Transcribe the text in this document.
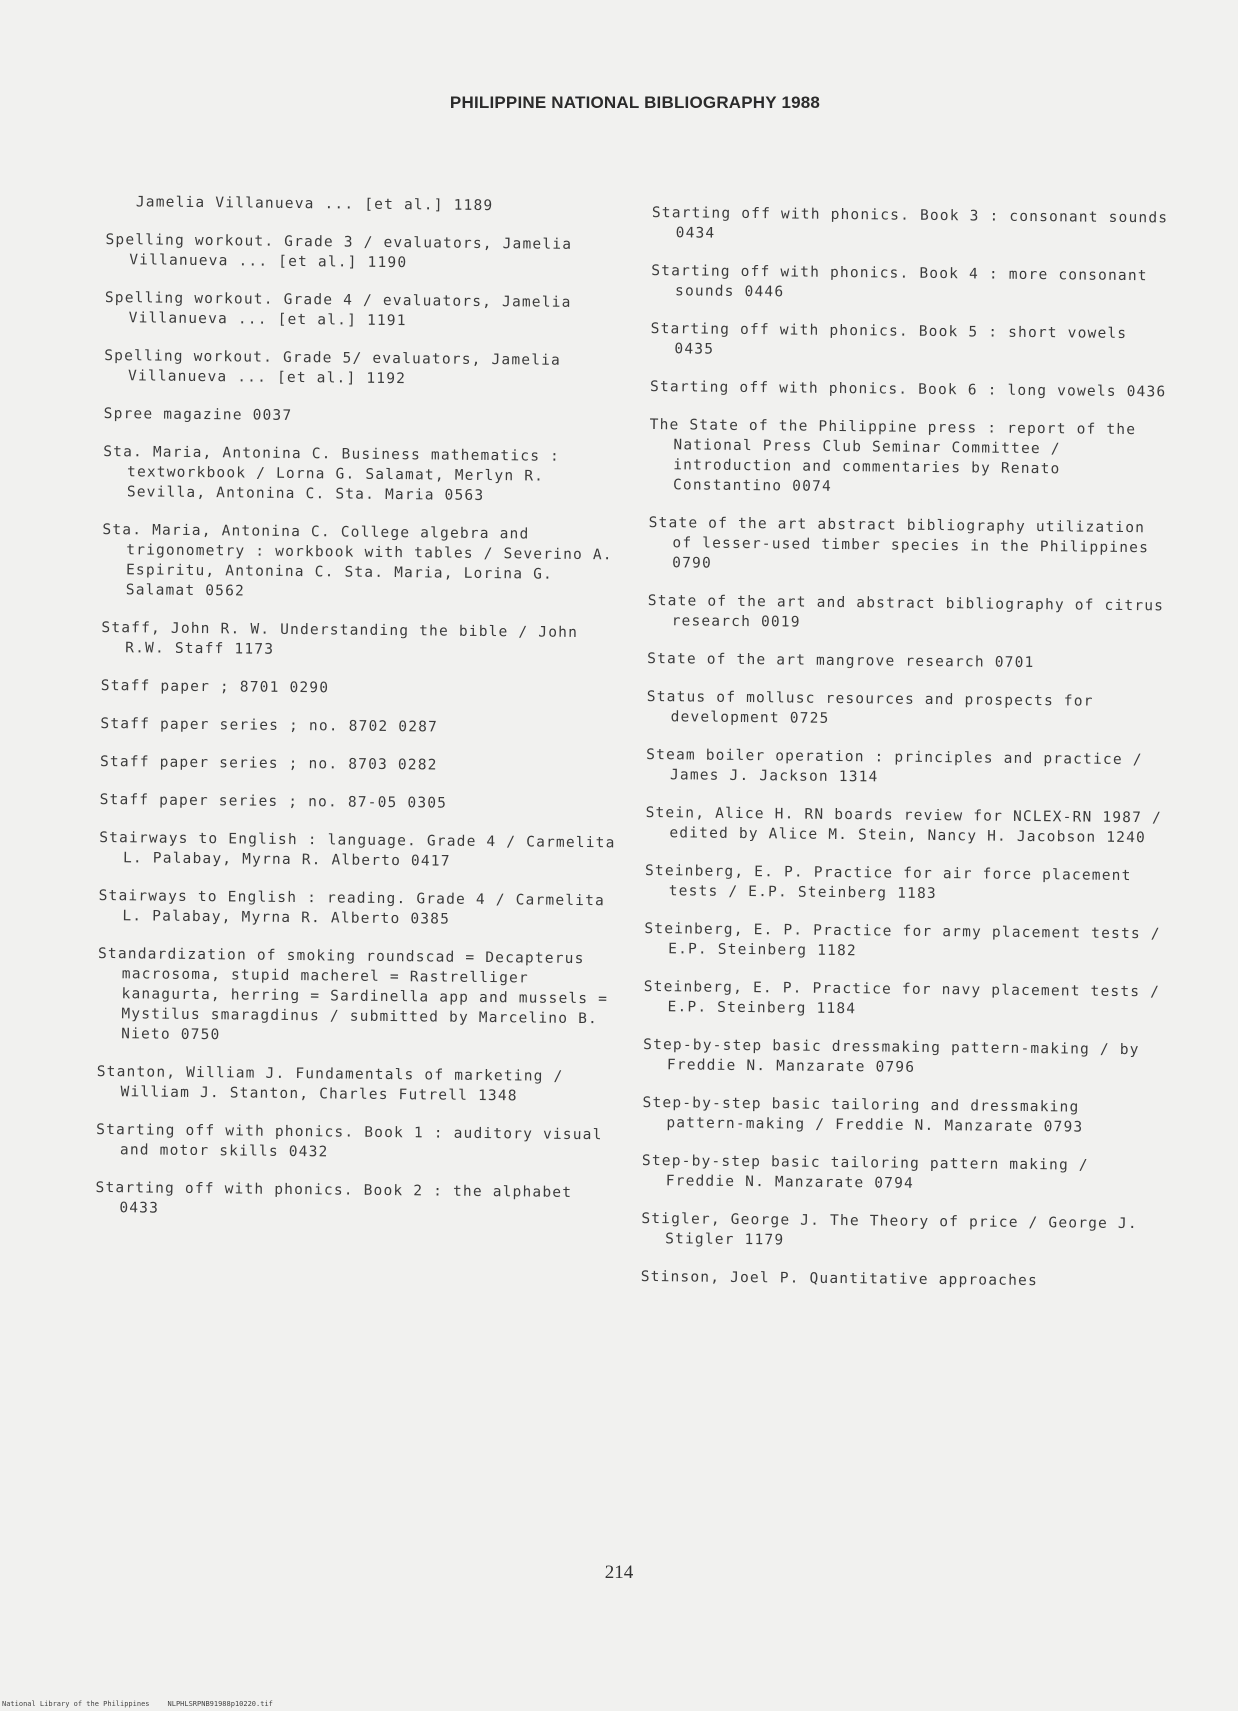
PHILIPPINE NATIONAL BIBLIOGRAPHY 1988

Jamelia Villanueva ... [et al.] 1189

Spelling workout. Grade 3 / evaluators, Jamelia Villanueva ... [et al.] 1190

Spelling workout. Grade 4 / evaluators, Jamelia Villanueva ... [et al.] 1191

Spelling workout. Grade 5/ evaluators, Jamelia Villanueva ... [et al.] 1192

Spree magazine 0037

Sta. Maria, Antonina C. Business mathematics : textworkbook / Lorna G. Salamat, Merlyn R. Sevilla, Antonina C. Sta. Maria 0563

Sta. Maria, Antonina C. College algebra and trigonometry : workbook with tables / Severino A. Espiritu, Antonina C. Sta. Maria, Lorina G. Salamat 0562

Staff, John R. W. Understanding the bible / John R.W. Staff 1173

Staff paper ; 8701 0290

Staff paper series ; no. 8702 0287

Staff paper series ; no. 8703 0282

Staff paper series ; no. 87-05 0305

Stairways to English : language. Grade 4 / Carmelita L. Palabay, Myrna R. Alberto 0417

Stairways to English : reading. Grade 4 / Carmelita L. Palabay, Myrna R. Alberto 0385

Standardization of smoking roundscad = Decapterus macrosoma, stupid macherel = Rastrelliger kanagurta, herring = Sardinella app and mussels = Mystilus smaragdinus / submitted by Marcelino B. Nieto 0750

Stanton, William J. Fundamentals of marketing / William J. Stanton, Charles Futrell 1348

Starting off with phonics. Book 1 : auditory visual and motor skills 0432

Starting off with phonics. Book 2 : the alphabet 0433

Starting off with phonics. Book 3 : consonant sounds 0434

Starting off with phonics. Book 4 : more consonant sounds 0446

Starting off with phonics. Book 5 : short vowels 0435

Starting off with phonics. Book 6 : long vowels 0436

The State of the Philippine press : report of the National Press Club Seminar Committee / introduction and commentaries by Renato Constantino 0074

State of the art abstract bibliography utilization of lesser-used timber species in the Philippines 0790

State of the art and abstract bibliography of citrus research 0019

State of the art mangrove research 0701

Status of mollusc resources and prospects for development 0725

Steam boiler operation : principles and practice / James J. Jackson 1314

Stein, Alice H. RN boards review for NCLEX-RN 1987 / edited by Alice M. Stein, Nancy H. Jacobson 1240

Steinberg, E. P. Practice for air force placement tests / E.P. Steinberg 1183

Steinberg, E. P. Practice for army placement tests / E.P. Steinberg 1182

Steinberg, E. P. Practice for navy placement tests / E.P. Steinberg 1184

Step-by-step basic dressmaking pattern-making / by Freddie N. Manzarate 0796

Step-by-step basic tailoring and dressmaking pattern-making / Freddie N. Manzarate 0793

Step-by-step basic tailoring pattern making / Freddie N. Manzarate 0794

Stigler, George J. The Theory of price / George J. Stigler 1179

Stinson, Joel P. Quantitative approaches

214
National Library of the Philippines	NLPHLSRPNB91988p10220.tif
